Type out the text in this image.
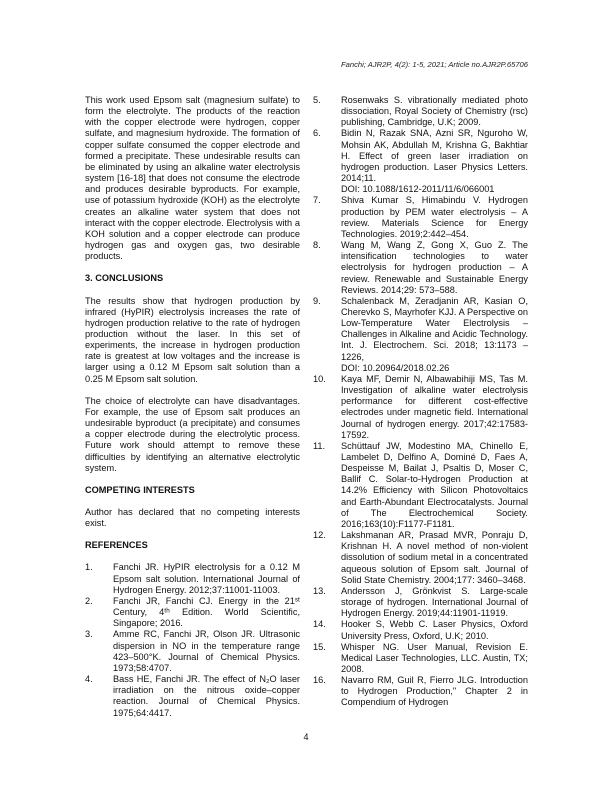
Fanchi; AJR2P, 4(2): 1-5, 2021; Article no.AJR2P.65706

This work used Epsom salt (magnesium sulfate) to form the electrolyte. The products of the reaction with the copper electrode were hydrogen, copper sulfate, and magnesium hydroxide. The formation of copper sulfate consumed the copper electrode and formed a precipitate. These undesirable results can be eliminated by using an alkaline water electrolysis system [16-18] that does not consume the electrode and produces desirable byproducts. For example, use of potassium hydroxide (KOH) as the electrolyte creates an alkaline water system that does not interact with the copper electrode. Electrolysis with a KOH solution and a copper electrode can produce hydrogen gas and oxygen gas, two desirable products.

3. CONCLUSIONS

The results show that hydrogen production by infrared (HyPIR) electrolysis increases the rate of hydrogen production relative to the rate of hydrogen production without the laser. In this set of experiments, the increase in hydrogen production rate is greatest at low voltages and the increase is larger using a 0.12 M Epsom salt solution than a 0.25 M Epsom salt solution.

The choice of electrolyte can have disadvantages. For example, the use of Epsom salt produces an undesirable byproduct (a precipitate) and consumes a copper electrode during the electrolytic process. Future work should attempt to remove these difficulties by identifying an alternative electrolytic system.

COMPETING INTERESTS

Author has declared that no competing interests exist.

REFERENCES
1.	Fanchi JR. HyPIR electrolysis for a 0.12 M Epsom salt solution. International Journal of Hydrogen Energy. 2012;37:11001-11003.
2.	Fanchi JR, Fanchi CJ. Energy in the 21ˢᵗ Century, 4ᵗʰ Edition. World Scientific, Singapore; 2016.
3.	Amme RC, Fanchi JR, Olson JR. Ultrasonic dispersion in NO in the temperature range 423–500°K. Journal of Chemical Physics. 1973;58:4707.
4.	Bass HE, Fanchi JR. The effect of N₂O laser irradiation on the nitrous oxide–copper reaction. Journal of Chemical Physics. 1975;64:4417.
5.	Rosenwaks S. vibrationally mediated photo dissociation, Royal Society of Chemistry (rsc) publishing, Cambridge, U.K; 2009.
6.	Bidin N, Razak SNA, Azni SR, Nguroho W, Mohsin AK, Abdullah M, Krishna G, Bakhtiar H. Effect of green laser irradiation on hydrogen production. Laser Physics Letters. 2014;11.
DOI: 10.1088/1612-2011/11/6/066001
7.	Shiva Kumar S, Himabindu V. Hydrogen production by PEM water electrolysis – A review. Materials Science for Energy Technologies. 2019;2:442–454.
8.	Wang M, Wang Z, Gong X, Guo Z. The intensification technologies to water electrolysis for hydrogen production – A review. Renewable and Sustainable Energy Reviews. 2014;29: 573–588.
9.	Schalenback M, Zeradjanin AR, Kasian O, Cherevko S, Mayrhofer KJJ. A Perspective on Low-Temperature Water Electrolysis – Challenges in Alkaline and Acidic Technology. Int. J. Electrochem. Sci. 2018; 13:1173 – 1226,
DOI: 10.20964/2018.02.26
10.	Kaya MF, Demir N, Albawabihiji MS, Tas M. Investigation of alkaline water electrolysis performance for different cost-effective electrodes under magnetic field. International Journal of hydrogen energy. 2017;42:17583-17592.
11.	Schüttauf JW, Modestino MA, Chinello E, Lambelet D, Delfino A, Dominé D, Faes A, Despeisse M, Bailat J, Psaltis D, Moser C, Ballif C. Solar-to-Hydrogen Production at 14.2% Efficiency with Silicon Photovoltaics and Earth-Abundant Electrocatalysts. Journal of The Electrochemical Society. 2016;163(10):F1177-F1181.
12.	Lakshmanan AR, Prasad MVR, Ponraju D, Krishnan H. A novel method of non-violent dissolution of sodium metal in a concentrated aqueous solution of Epsom salt. Journal of Solid State Chemistry. 2004;177: 3460–3468.
13.	Andersson J, Grönkvist S. Large-scale storage of hydrogen. International Journal of Hydrogen Energy. 2019;44:11901-11919.
14.	Hooker S, Webb C. Laser Physics, Oxford University Press, Oxford, U.K; 2010.
15.	Whisper NG. User Manual, Revision E. Medical Laser Technologies, LLC. Austin, TX; 2008.
16.	Navarro RM, Guil R, Fierro JLG. Introduction to Hydrogen Production," Chapter 2 in Compendium of Hydrogen
4
